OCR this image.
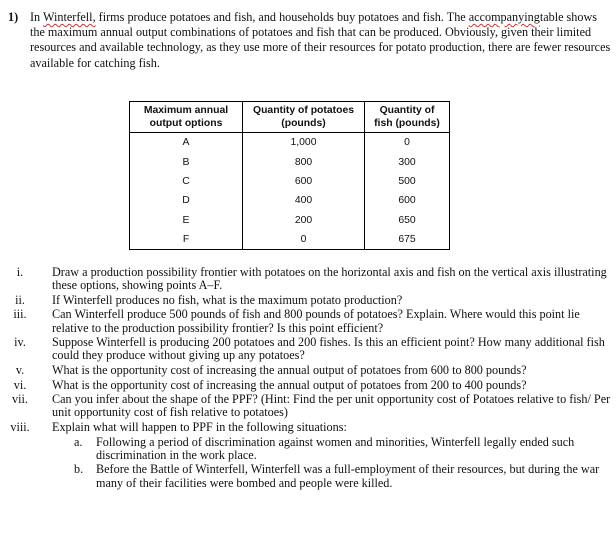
1) In Winterfell, firms produce potatoes and fish, and households buy potatoes and fish. The accompanyingtable shows the maximum annual output combinations of potatoes and fish that can be produced. Obviously, given their limited resources and available technology, as they use more of their resources for potato production, there are fewer resources available for catching fish.
Maximum annual output options	Quantity of potatoes (pounds)	Quantity of fish (pounds)
A	1,000	0
B	800	300
C	600	500
D	400	600
E	200	650
F	0	675
i.	Draw a production possibility frontier with potatoes on the horizontal axis and fish on the vertical axis illustrating these options, showing points A–F.
ii.	If Winterfell produces no fish, what is the maximum potato production?
iii.	Can Winterfell produce 500 pounds of fish and 800 pounds of potatoes? Explain. Where would this point lie relative to the production possibility frontier? Is this point efficient?
iv.	Suppose Winterfell is producing 200 potatoes and 200 fishes. Is this an efficient point? How many additional fish could they produce without giving up any potatoes?
v.	What is the opportunity cost of increasing the annual output of potatoes from 600 to 800 pounds?
vi.	What is the opportunity cost of increasing the annual output of potatoes from 200 to 400 pounds?
vii.	Can you infer about the shape of the PPF? (Hint: Find the per unit opportunity cost of Potatoes relative to fish/ Per unit opportunity cost of fish relative to potatoes)
viii. Explain what will happen to PPF in the following situations:
a. Following a period of discrimination against women and minorities, Winterfell legally ended such discrimination in the work place.
b. Before the Battle of Winterfell, Winterfell was a full-employment of their resources, but during the war many of their facilities were bombed and people were killed.
